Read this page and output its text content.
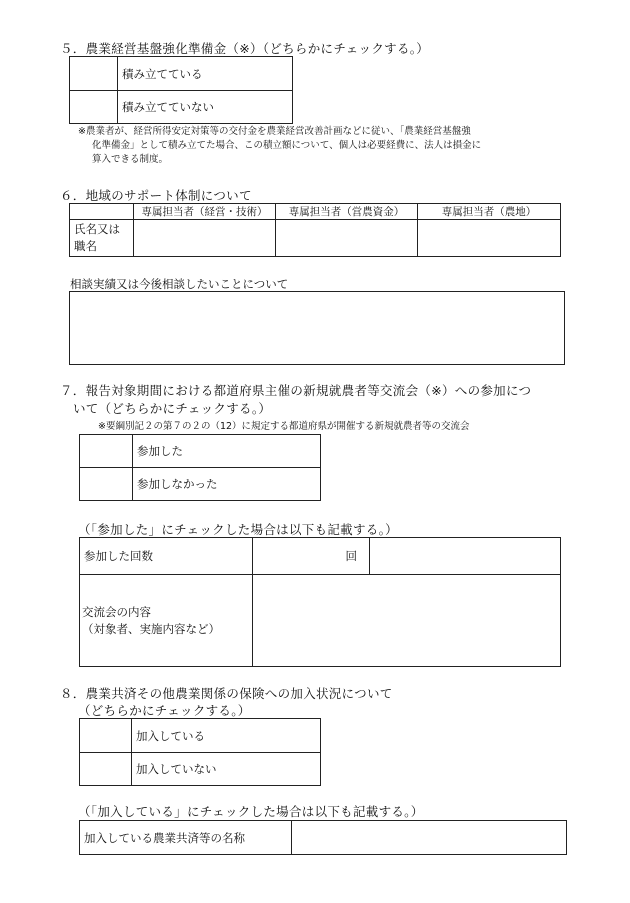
５．農業経営基盤強化準備金（※）（どちらかにチェックする。）
	積み立てている
	積み立てていない
※農業者が、経営所得安定対策等の交付金を農業経営改善計画などに従い、「農業経営基盤強
化準備金」として積み立てた場合、この積立額について、個人は必要経費に、法人は損金に
算入できる制度。
６．地域のサポート体制について
	専属担当者（経営・技術）	専属担当者（営農資金）	専属担当者（農地）

氏名又は
職名			

相談実績又は今後相談したいことについて
７．報告対象期間における都道府県主催の新規就農者等交流会（※）への参加につ
いて（どちらかにチェックする。）
※要綱別記２の第７の２の（12）に規定する都道府県が開催する新規就農者等の交流会
	参加した
	参加しなかった
（「参加した」にチェックした場合は以下も記載する。）
参加した回数	回	

交流会の内容
（対象者、実施内容など）		

８．農業共済その他農業関係の保険への加入状況について
（どちらかにチェックする。）
	加入している
	加入していない
（「加入している」にチェックした場合は以下も記載する。）
加入している農業共済等の名称	
